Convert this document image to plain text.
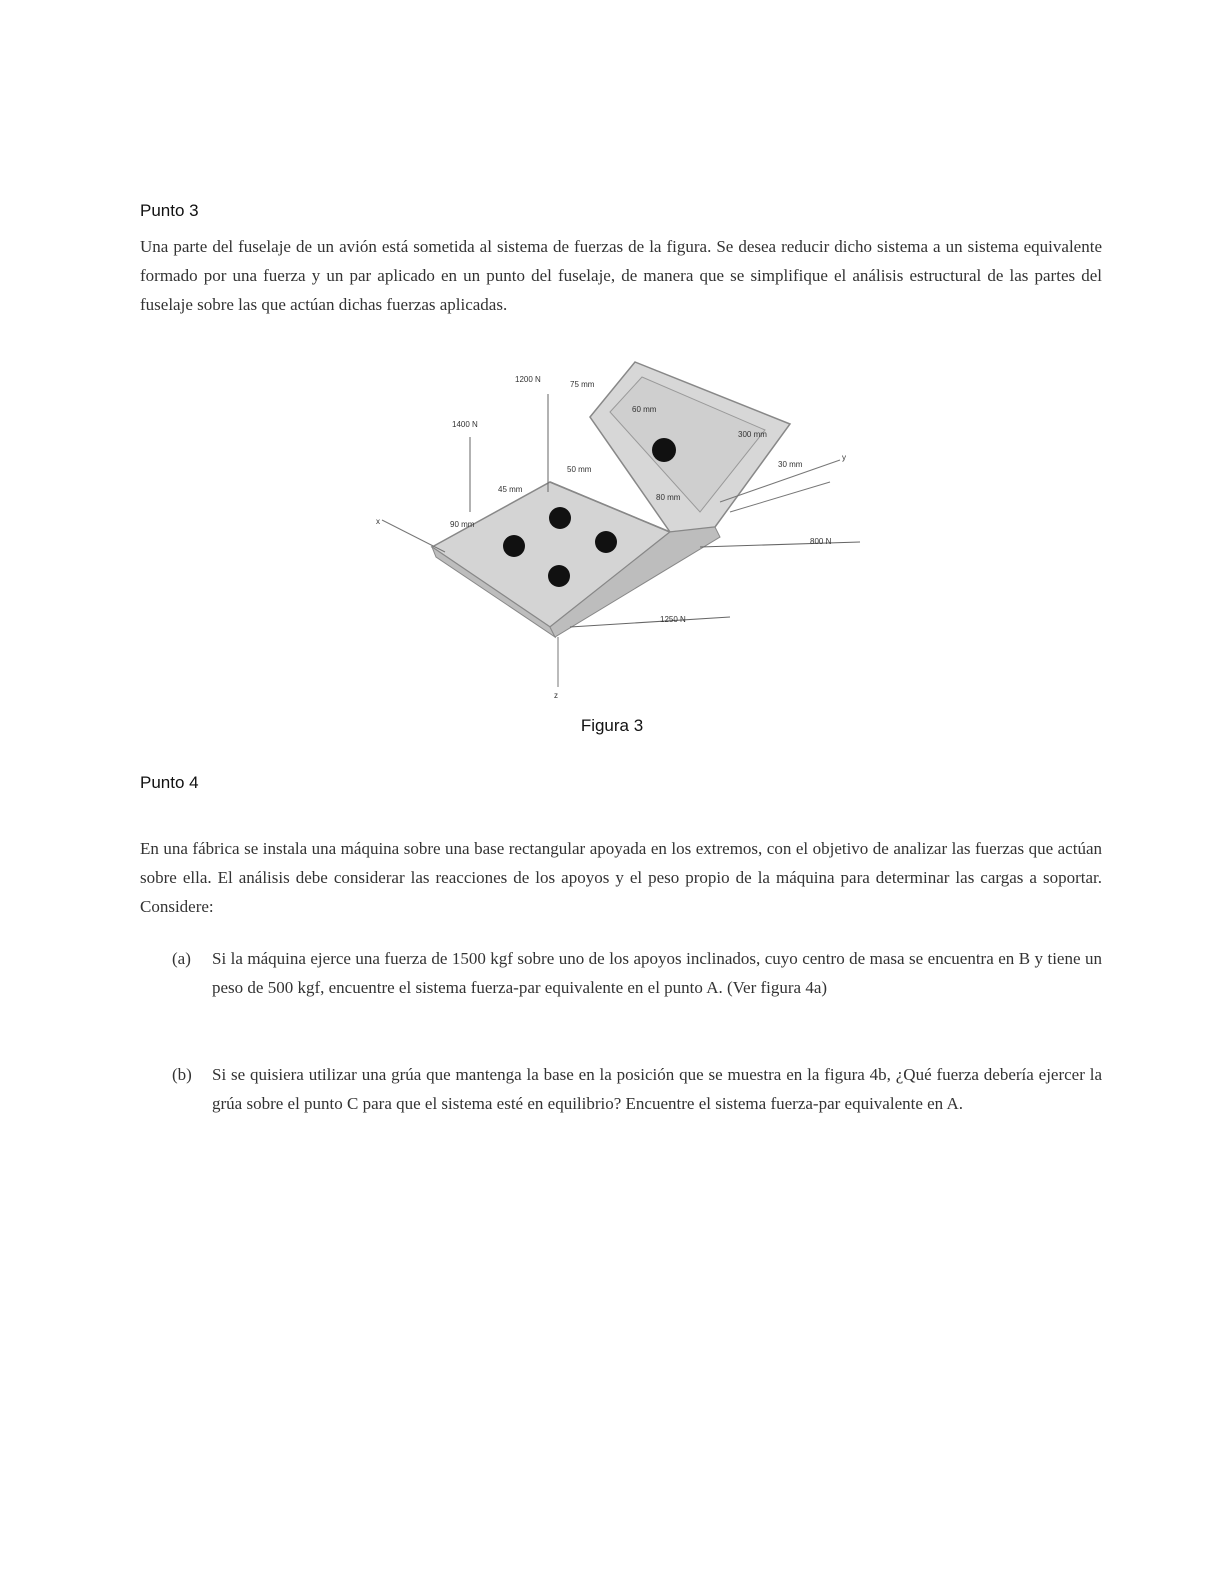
Punto 3

Una parte del fuselaje de un avión está sometida al sistema de fuerzas de la figura. Se desea reducir dicho sistema a un sistema equivalente formado por una fuerza y un par aplicado en un punto del fuselaje, de manera que se simplifique el análisis estructural de las partes del fuselaje sobre las que actúan dichas fuerzas aplicadas.

1200 N
1400 N
75 mm
60 mm
50 mm
300 mm
80 mm
45 mm
90 mm
30 mm
800 N
1250 N
x
y
z
Figura 3
Punto 4

En una fábrica se instala una máquina sobre una base rectangular apoyada en los extremos, con el objetivo de analizar las fuerzas que actúan sobre ella. El análisis debe considerar las reacciones de los apoyos y el peso propio de la máquina para determinar las cargas a soportar. Considere:

(a)	Si la máquina ejerce una fuerza de 1500 kgf sobre uno de los apoyos inclinados, cuyo centro de masa se encuentra en B y tiene un peso de 500 kgf, encuentre el sistema fuerza-par equivalente en el punto A. (Ver figura 4a)
(b)	Si se quisiera utilizar una grúa que mantenga la base en la posición que se muestra en la figura 4b, ¿Qué fuerza debería ejercer la grúa sobre el punto C para que el sistema esté en equilibrio? Encuentre el sistema fuerza-par equivalente en A.
